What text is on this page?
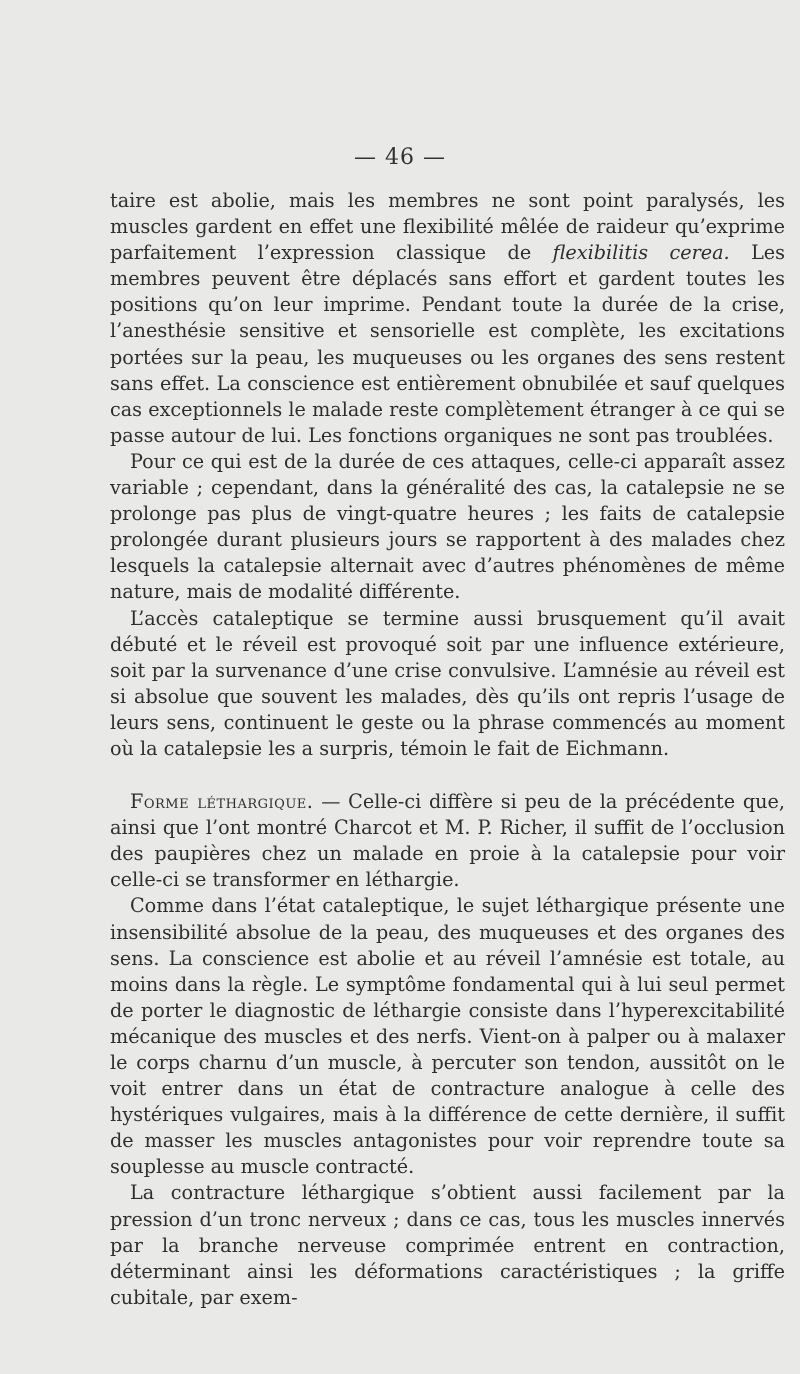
— 46 —

taire est abolie, mais les membres ne sont point paralysés, les muscles gardent en effet une flexibilité mêlée de raideur qu’exprime parfaitement l’expression classique de flexibilitis cerea. Les membres peuvent être déplacés sans effort et gardent toutes les positions qu’on leur imprime. Pendant toute la durée de la crise, l’anesthésie sensitive et sensorielle est complète, les excitations portées sur la peau, les muqueuses ou les organes des sens restent sans effet. La conscience est entièrement obnubilée et sauf quelques cas exceptionnels le malade reste complètement étranger à ce qui se passe autour de lui. Les fonctions organiques ne sont pas troublées.

Pour ce qui est de la durée de ces attaques, celle-ci apparaît assez variable ; cependant, dans la généralité des cas, la catalepsie ne se prolonge pas plus de vingt-quatre heures ; les faits de catalepsie prolongée durant plusieurs jours se rapportent à des malades chez lesquels la catalepsie alternait avec d’autres phénomènes de même nature, mais de modalité différente.

L’accès cataleptique se termine aussi brusquement qu’il avait débuté et le réveil est provoqué soit par une influence extérieure, soit par la survenance d’une crise convulsive. L’amnésie au réveil est si absolue que souvent les malades, dès qu’ils ont repris l’usage de leurs sens, continuent le geste ou la phrase commencés au moment où la catalepsie les a surpris, témoin le fait de Eichmann.

Forme léthargique. — Celle-ci diffère si peu de la précédente que, ainsi que l’ont montré Charcot et M. P. Richer, il suffit de l’occlusion des paupières chez un malade en proie à la catalepsie pour voir celle-ci se transformer en léthargie.

Comme dans l’état cataleptique, le sujet léthargique présente une insensibilité absolue de la peau, des muqueuses et des organes des sens. La conscience est abolie et au réveil l’amnésie est totale, au moins dans la règle. Le symptôme fondamental qui à lui seul permet de porter le diagnostic de léthargie consiste dans l’hyperexcitabilité mécanique des muscles et des nerfs. Vient-on à palper ou à malaxer le corps charnu d’un muscle, à percuter son tendon, aussitôt on le voit entrer dans un état de contracture analogue à celle des hystériques vulgaires, mais à la différence de cette dernière, il suffit de masser les muscles antagonistes pour voir reprendre toute sa souplesse au muscle contracté.

La contracture léthargique s’obtient aussi facilement par la pression d’un tronc nerveux ; dans ce cas, tous les muscles innervés par la branche nerveuse comprimée entrent en contraction, déterminant ainsi les déformations caractéristiques ; la griffe cubitale, par exem-
